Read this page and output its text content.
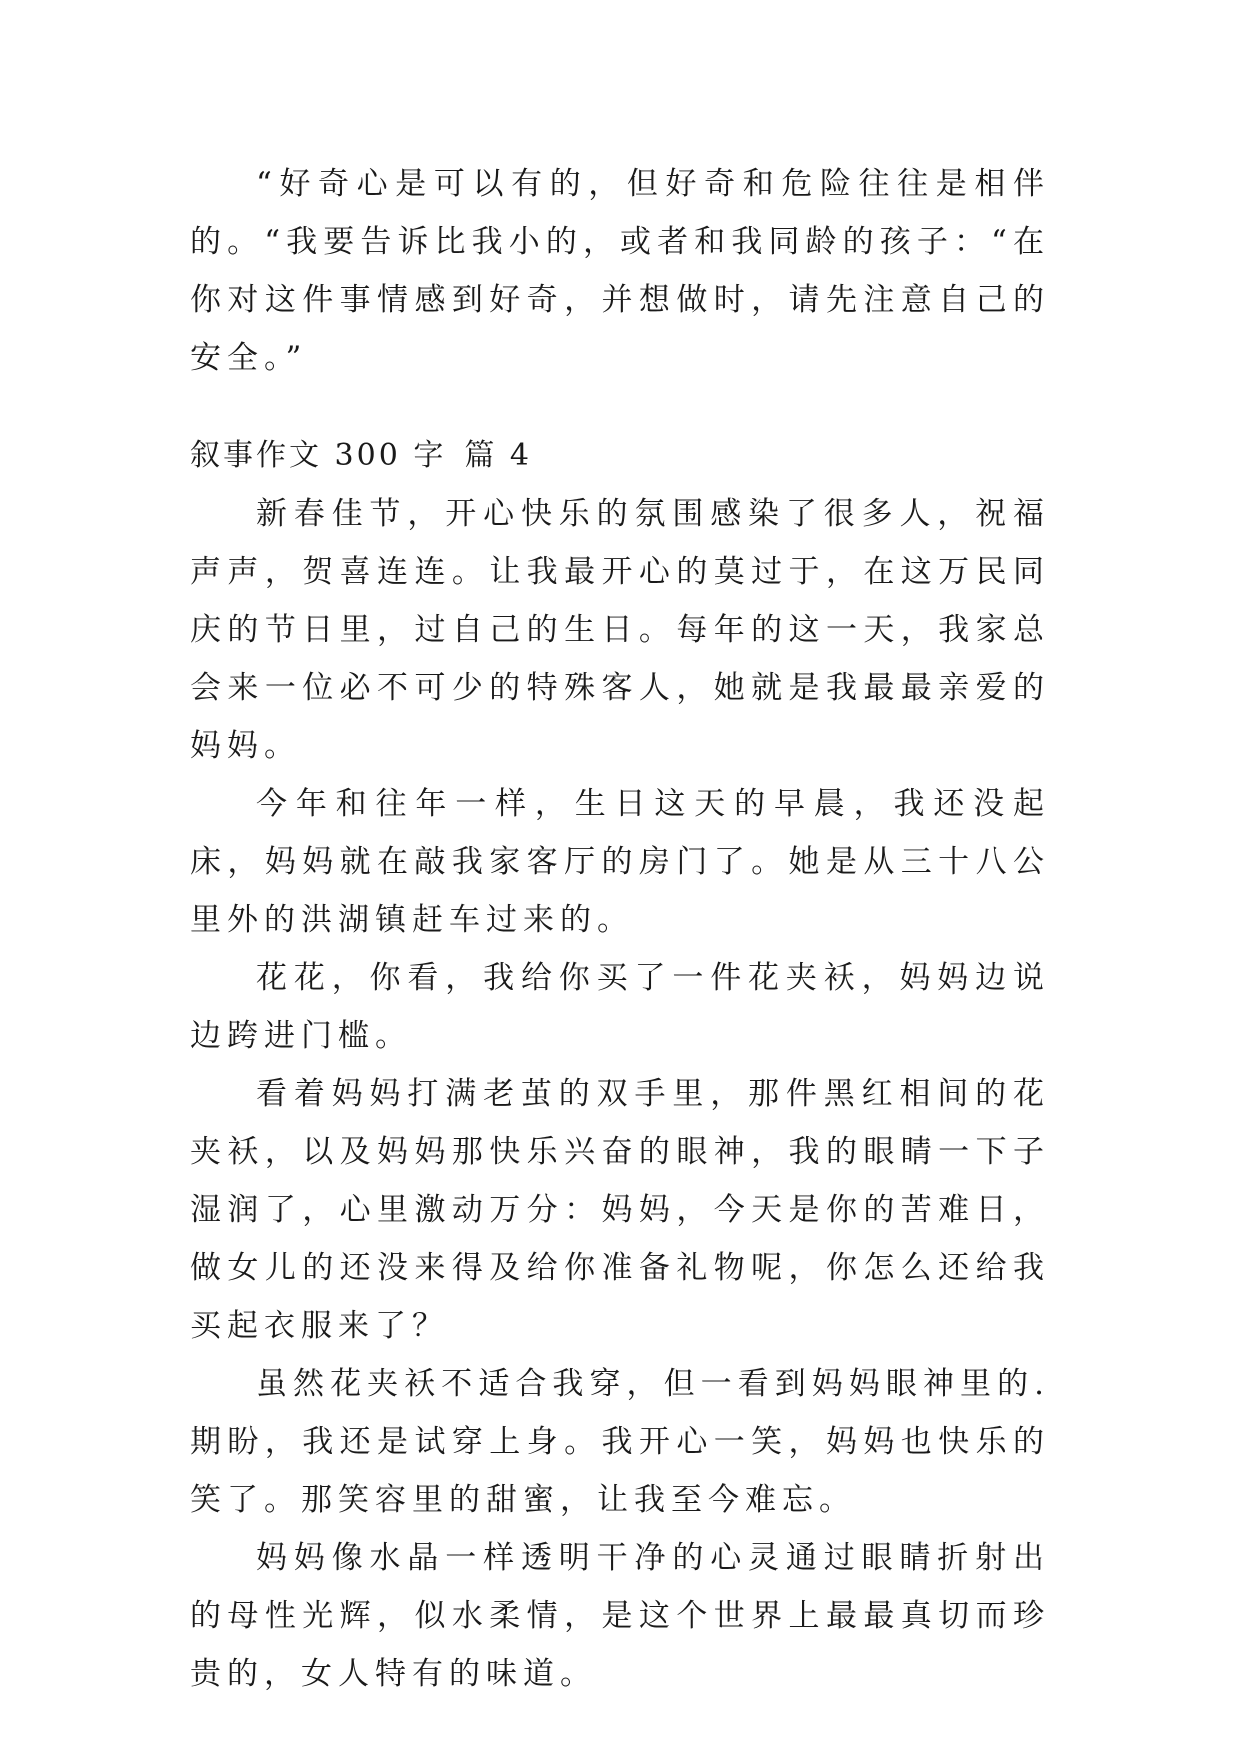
“好奇心是可以有的，但好奇和危险往往是相伴的。“我要告诉比我小的，或者和我同龄的孩子：“在你对这件事情感到好奇，并想做时，请先注意自己的安全。”

叙事作文 300 字 篇 4

新春佳节，开心快乐的氛围感染了很多人，祝福声声，贺喜连连。让我最开心的莫过于，在这万民同庆的节日里，过自己的生日。每年的这一天，我家总会来一位必不可少的特殊客人，她就是我最最亲爱的妈妈。

今年和往年一样，生日这天的早晨，我还没起床，妈妈就在敲我家客厅的房门了。她是从三十八公里外的洪湖镇赶车过来的。

花花，你看，我给你买了一件花夹袄，妈妈边说边跨进门槛。

看着妈妈打满老茧的双手里，那件黑红相间的花夹袄，以及妈妈那快乐兴奋的眼神，我的眼睛一下子湿润了，心里激动万分：妈妈，今天是你的苦难日，做女儿的还没来得及给你准备礼物呢，你怎么还给我买起衣服来了？

虽然花夹袄不适合我穿，但一看到妈妈眼神里的.期盼，我还是试穿上身。我开心一笑，妈妈也快乐的笑了。那笑容里的甜蜜，让我至今难忘。

妈妈像水晶一样透明干净的心灵通过眼睛折射出的母性光辉，似水柔情，是这个世界上最最真切而珍贵的，女人特有的味道。
